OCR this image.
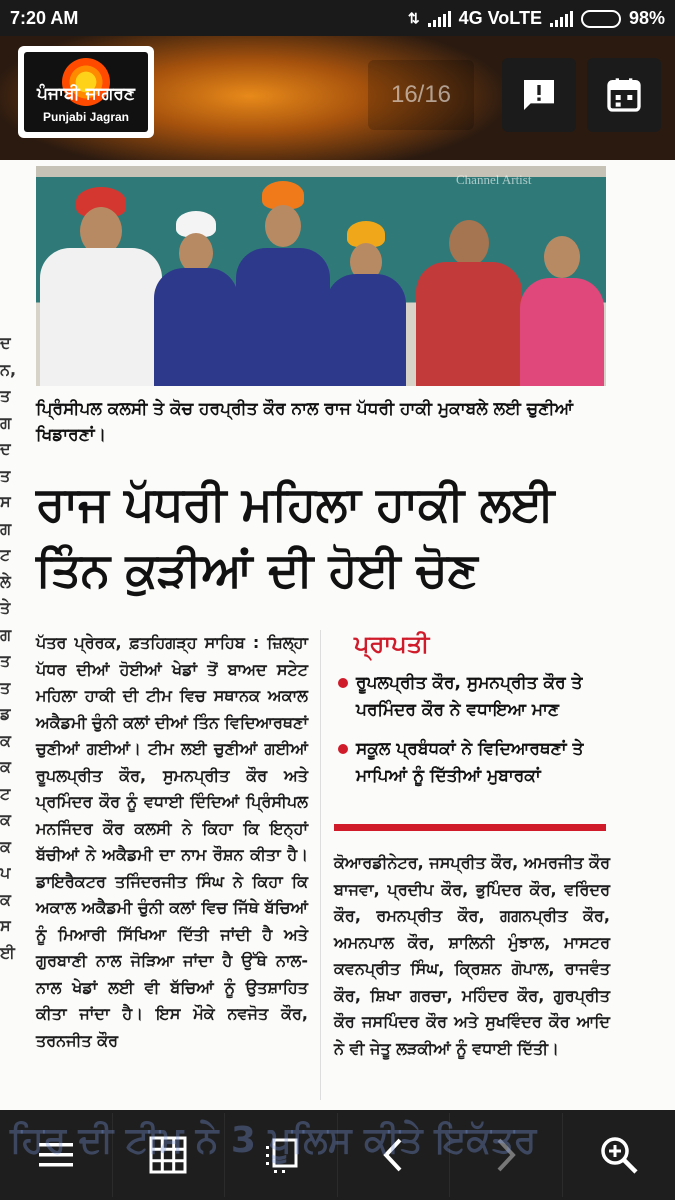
7:20 AM	⇅ 4G VoLTE	98%
ਪੰਜਾਬੀ ਜਾਗਰਣ
Punjabi Jagran
16/16
ਦ ਨ, ਤ ਗ ਦ ਤ ਸ ਗ ਟ ਲੇ ਤੇ ਗ ਤ ਤ ਡ ਕ ਕ ਟ ਕ ਕ ਪ ਕ ਸ ਈ
Channel Artist
ਪ੍ਰਿੰਸੀਪਲ ਕਲਸੀ ਤੇ ਕੋਚ ਹਰਪ੍ਰੀਤ ਕੌਰ ਨਾਲ ਰਾਜ ਪੱਧਰੀ ਹਾਕੀ ਮੁਕਾਬਲੇ ਲਈ ਚੁਣੀਆਂ ਖਿਡਾਰਣਾਂ।
ਰਾਜ ਪੱਧਰੀ ਮਹਿਲਾ ਹਾਕੀ ਲਈ
ਤਿੰਨ ਕੁੜੀਆਂ ਦੀ ਹੋਈ ਚੋਣ
ਪੱਤਰ ਪ੍ਰੇਰਕ, ਫ਼ਤਹਿਗੜ੍ਹ ਸਾਹਿਬ : ਜ਼ਿਲ੍ਹਾ ਪੱਧਰ ਦੀਆਂ ਹੋਈਆਂ ਖੇਡਾਂ ਤੋਂ ਬਾਅਦ ਸਟੇਟ ਮਹਿਲਾ ਹਾਕੀ ਦੀ ਟੀਮ ਵਿਚ ਸਥਾਨਕ ਅਕਾਲ ਅਕੈਡਮੀ ਚੁੰਨੀ ਕਲਾਂ ਦੀਆਂ ਤਿੰਨ ਵਿਦਿਆਰਥਣਾਂ ਚੁਣੀਆਂ ਗਈਆਂ। ਟੀਮ ਲਈ ਚੁਣੀਆਂ ਗਈਆਂ ਰੂਪਲਪ੍ਰੀਤ ਕੌਰ, ਸੁਮਨਪ੍ਰੀਤ ਕੌਰ ਅਤੇ ਪ੍ਰਮਿੰਦਰ ਕੌਰ ਨੂੰ ਵਧਾਈ ਦਿੰਦਿਆਂ ਪ੍ਰਿੰਸੀਪਲ ਮਨਜਿੰਦਰ ਕੌਰ ਕਲਸੀ ਨੇ ਕਿਹਾ ਕਿ ਇਨ੍ਹਾਂ ਬੱਚੀਆਂ ਨੇ ਅਕੈਡਮੀ ਦਾ ਨਾਮ ਰੌਸ਼ਨ ਕੀਤਾ ਹੈ। ਡਾਇਰੈਕਟਰ ਤਜਿੰਦਰਜੀਤ ਸਿੰਘ ਨੇ ਕਿਹਾ ਕਿ ਅਕਾਲ ਅਕੈਡਮੀ ਚੁੰਨੀ ਕਲਾਂ ਵਿਚ ਜਿੱਥੇ ਬੱਚਿਆਂ ਨੂੰ ਮਿਆਰੀ ਸਿੱਖਿਆ ਦਿੱਤੀ ਜਾਂਦੀ ਹੈ ਅਤੇ ਗੁਰਬਾਣੀ ਨਾਲ ਜੋੜਿਆ ਜਾਂਦਾ ਹੈ ਉੱਥੇ ਨਾਲ-ਨਾਲ ਖੇਡਾਂ ਲਈ ਵੀ ਬੱਚਿਆਂ ਨੂੰ ਉਤਸ਼ਾਹਿਤ ਕੀਤਾ ਜਾਂਦਾ ਹੈ। ਇਸ ਮੌਕੇ ਨਵਜੋਤ ਕੌਰ, ਤਰਨਜੀਤ ਕੌਰ
ਪ੍ਰਾਪਤੀ
ਰੂਪਲਪ੍ਰੀਤ ਕੌਰ, ਸੁਮਨਪ੍ਰੀਤ ਕੌਰ ਤੇ ਪਰਮਿੰਦਰ ਕੌਰ ਨੇ ਵਧਾਇਆ ਮਾਣ
ਸਕੂਲ ਪ੍ਰਬੰਧਕਾਂ ਨੇ ਵਿਦਿਆਰਥਣਾਂ ਤੇ ਮਾਪਿਆਂ ਨੂੰ ਦਿੱਤੀਆਂ ਮੁਬਾਰਕਾਂ
ਕੋਆਰਡੀਨੇਟਰ, ਜਸਪ੍ਰੀਤ ਕੌਰ, ਅਮਰਜੀਤ ਕੌਰ ਬਾਜਵਾ, ਪ੍ਰਦੀਪ ਕੌਰ, ਭੁਪਿੰਦਰ ਕੌਰ, ਵਰਿੰਦਰ ਕੌਰ, ਰਮਨਪ੍ਰੀਤ ਕੌਰ, ਗਗਨਪ੍ਰੀਤ ਕੌਰ, ਅਮਨਪਾਲ ਕੌਰ, ਸ਼ਾਲਿਨੀ ਮੁੰਝਾਲ, ਮਾਸਟਰ ਕਵਨਪ੍ਰੀਤ ਸਿੰਘ, ਕ੍ਰਿਸ਼ਨ ਗੋਪਾਲ, ਰਾਜਵੰਤ ਕੌਰ, ਸ਼ਿਖਾ ਗਰਚਾ, ਮਹਿੰਦਰ ਕੌਰ, ਗੁਰਪ੍ਰੀਤ ਕੌਰ ਜਸਪਿੰਦਰ ਕੌਰ ਅਤੇ ਸੁਖਵਿੰਦਰ ਕੌਰ ਆਦਿ ਨੇ ਵੀ ਜੇਤੂ ਲੜਕੀਆਂ ਨੂੰ ਵਧਾਈ ਦਿੱਤੀ।
ਹਿਰ ਦੀ ਟੀਮ ਨੇ 3 ਪੂਲਿਸ ਕੀਤੇ ਇਕੱਤਰ
